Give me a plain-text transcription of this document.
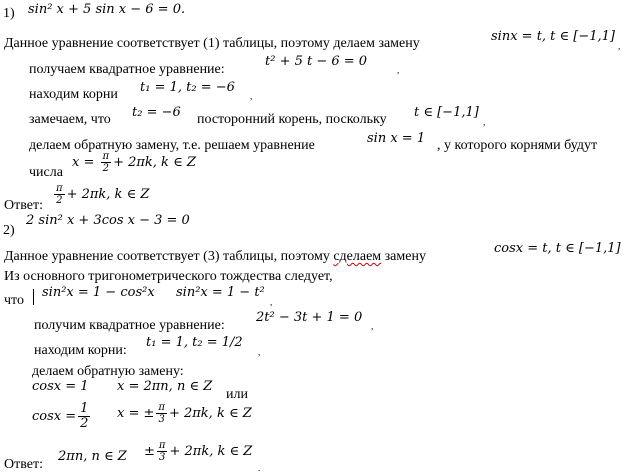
1) sin² x + 5 sin x − 6 = 0.
Данное уравнение соответствует (1) таблицы, поэтому делаем замену	sinx = t, t ∈ [−1,1]
,
получаем квадратное уравнение:
t² + 5 t − 6 = 0
,
находим корни t₁ = 1, t₂ = −6
,
замечаем, что t₂ = −6 посторонний корень, поскольку t ∈ [−1,1]
,
делаем обратную замену, т.е. решаем уравнение	sin x = 1 , у которого корнями будут
числа
$x = \frac{\pi}{2} + 2\pi k$, k ∈ Z
Ответ: $\frac{\pi}{2} + 2\pi k$, k ∈ Z
2)
2 sin² x + 3cos x − 3 = 0
Данное уравнение соответствует (3) таблицы, поэтому сделаем замену
cosx = t, t ∈ [−1,1]
Из основного тригонометрического тождества следует,
что
sin²x = 1 − cos²x sin²x = 1 − t²
,
получим квадратное уравнение:
2t² − 3t + 1 = 0
,
находим корни:
t₁ = 1, t₂ = 1/2
,
делаем обратную замену:
cosx = 1 x = 2πn, n ∈ Z
или
$\cos x = \frac{1}{2}$ x = ± $\frac{\pi}{3} + 2\pi k$, k ∈ Z
Ответ:
2πn, n ∈ $Z \pm \frac{\pi}{3} + 2\pi k$, k ∈ Z
.
